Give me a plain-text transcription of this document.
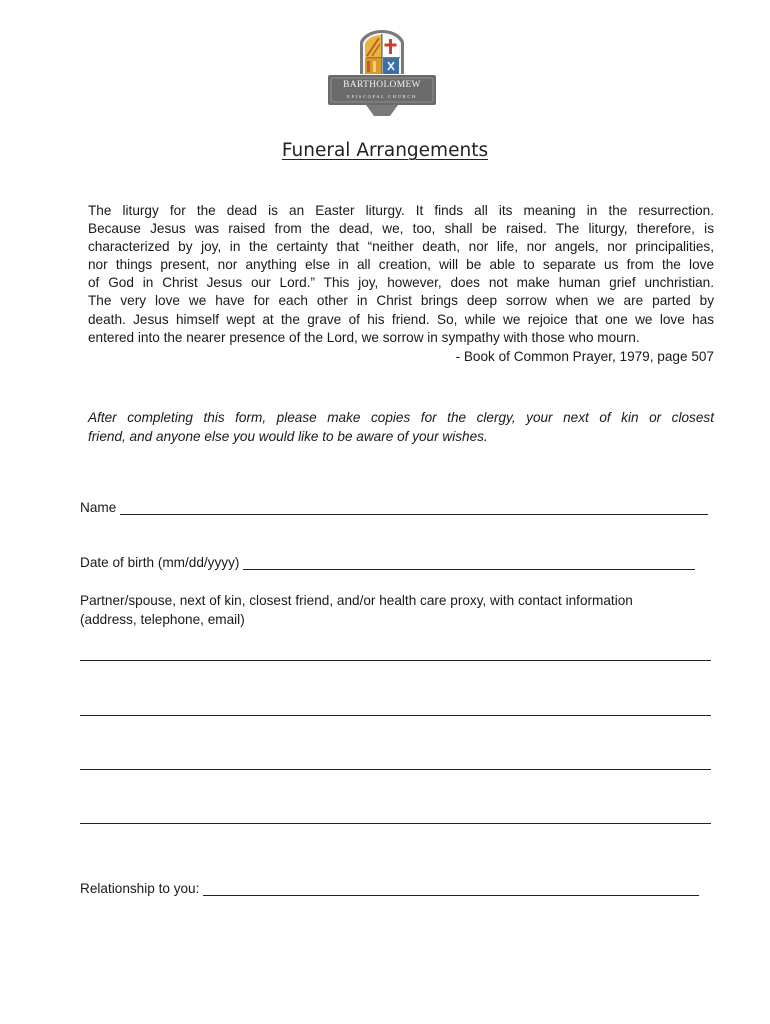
BARTHOLOMEW
EPISCOPAL CHURCH
Funeral Arrangements
The liturgy for the dead is an Easter liturgy. It finds all its meaning in the resurrection.
Because Jesus was raised from the dead, we, too, shall be raised. The liturgy, therefore, is
characterized by joy, in the certainty that “neither death, nor life, nor angels, nor principalities,
nor things present, nor anything else in all creation, will be able to separate us from the love
of God in Christ Jesus our Lord.” This joy, however, does not make human grief unchristian.
The very love we have for each other in Christ brings deep sorrow when we are parted by
death. Jesus himself wept at the grave of his friend. So, while we rejoice that one we love has
entered into the nearer presence of the Lord, we sorrow in sympathy with those who mourn.
- Book of Common Prayer, 1979, page 507
After completing this form, please make copies for the clergy, your next of kin or closest
friend, and anyone else you would like to be aware of your wishes.
Name
Date of birth (mm/dd/yyyy)
Partner/spouse, next of kin, closest friend, and/or health care proxy, with contact information
(address, telephone, email)
Relationship to you:
